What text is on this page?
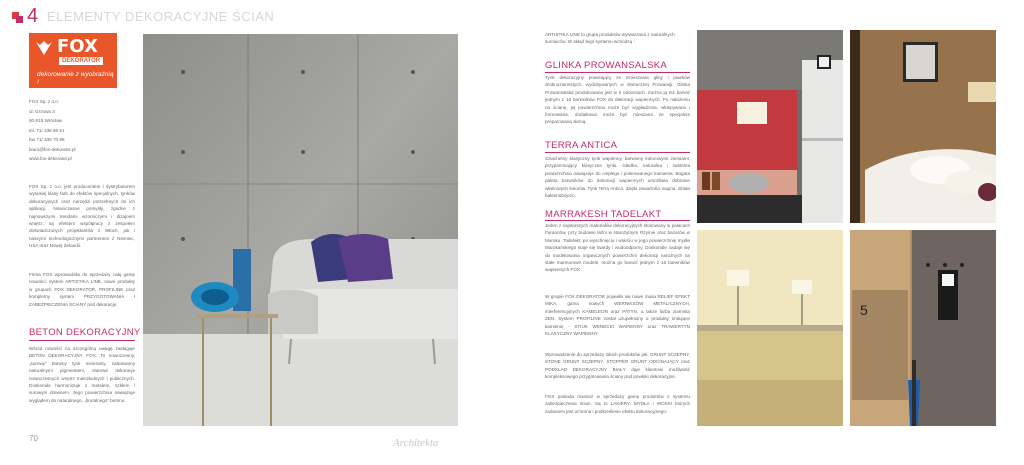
4 ELEMENTY DEKORACYJNE ŚCIAN
FOX
DEKORATOR
dekorowanie z wyobraźnią !
FOX Sp. z o.o.
ul. Grzowa 3
50-515 Wrocław
tel. 71/ 336 66 51
fax 71/ 336 70 98
biuro@fox-dekorator.pl
www.fox-dekorator.pl
FOX Sp. z o.o. jest producentem i dystrybutorem wysokiej klasy farb do efektów specjalnych, tynków dekoracyjnych oraz narzędzi potrzebnych do ich aplikacji. Nowoczesne pomysły, zgodne z najnowszymi trendami wzorniczymi i dizajnem wnętrz, są efektem współpracy z zespołem doświadczonych projektantów z Włoch, jak i naszymi technologicznymi partnerami z Niemiec, USA oraz Nowej Zelandii.
Firma FOX wprowadziła do sprzedaży całą gamę nowości: system ARTISTIKA LINE, nowe produkty w grupach FOX DEKORATOR, PROFILINE oraz kompletny system PRZYGOTOWANIA I ZABEZPIECZENIA ŚCIANY pod dekoracje.
BETON DEKORACYJNY
Wśród nowości na szczególną uwagę zasługuje BETON DEKORACYJNY FOX. To nowoczesny, „surowy” barwny tynk mineralny, zabarwiony naturalnymi pigmentami, stanowi dekoracje nowoczesnych wnętrz mieszkalnych i publicznych. Doskonale harmonizuje z metalem, szkłem i surowym drewnem. Jego powierzchnia nawiązuje wyglądem do naturalnego, „brutalnego” betonu.
ARTISTIKA LINE to grupa produktów wytwarzana z naturalnych surowców. W skład tego systemu wchodzą :
GLINKA PROWANSALSKA
Tynk dekoracyjny powstający ze zmieszania gliny i piasków drobnoziarnistych, wydobywanych w słonecznej Prowansji. Glinka Prowansalska produkowana jest w 6 odcieniach, można ją też barwić jednym z 16 barwników FOX do dekoracji wapiennych. Po nałożeniu na ścianę, jej powierzchnia może być wygładzona, wklepywana i formowana, dodatkowo może być mieszana ze specjalnie preparowaną słomą.
TERRA ANTICA
Szlachetny klasyczny tynk wapienny, barwiony kolorowymi ziemiami, przypominający klasyczne tynki. Gładka, naturalna i subtelna powierzchnia nawiązuje do ciepłego i polerowanego kamienia. Bogata paleta barwników do dekoracji wapiennych umożliwia dobranie właściwych kolorów. Tynk Terra Antica, dzięki zawartości wapna, działa bakteriobójczo.
MARRAKESH TADELAKT
Jeden z najstarszych materiałów dekoracyjnych stosowany w pałacach Faraonów, przy budowie łaźni w starożytnym Rzymie oraz bazarów w Maroku. Tadelakt, po wyschnięciu i wtarciu w jego powierzchnię mydła Marokańskiego staje się twardy i wodoodporny. Doskonale nadaje się do modelowania organicznych powierzchni dekoracji narożnych na stałe marmurowe modele, można go barwić jednym z 16 barwników wapiennych FOX .
W grupie FOX DEKORATOR pojawiło się nowe masa RELIEF EFEKT MIKA, gama nowych WERNIKSÓW METALICZNYCH, interferencyjnych KAMELEON oraz PATYN, a także farba ziarnista ZEN. System PROFILINE został uzupełniony o produkty imitujące kamienie - STIUK WENECKI WAPIENNY oraz TRAWERTYN KLASYCZNY WAPIENNY.
Wprowadzenie do sprzedaży takich produktów jak, GRUNT SCZEPNY, STONE GRUNT SCZEPNY, STOPPER GRUNT ODCINAJĄCY oraz PODKŁAD DEKORACYJNY BIAŁY daje klientowi możliwość kompleksowego przygotowania ściany pod powłoki dekoracyjne.
FOX posiada również w sprzedaży gamę produktów z systemu zabezpieczenia ścian. Są to LAKIERY, MYDŁA i WOSKI których zadaniem jest ochrona i podkreślenie efektu dekoracyjnego.
5
70	Architekta
